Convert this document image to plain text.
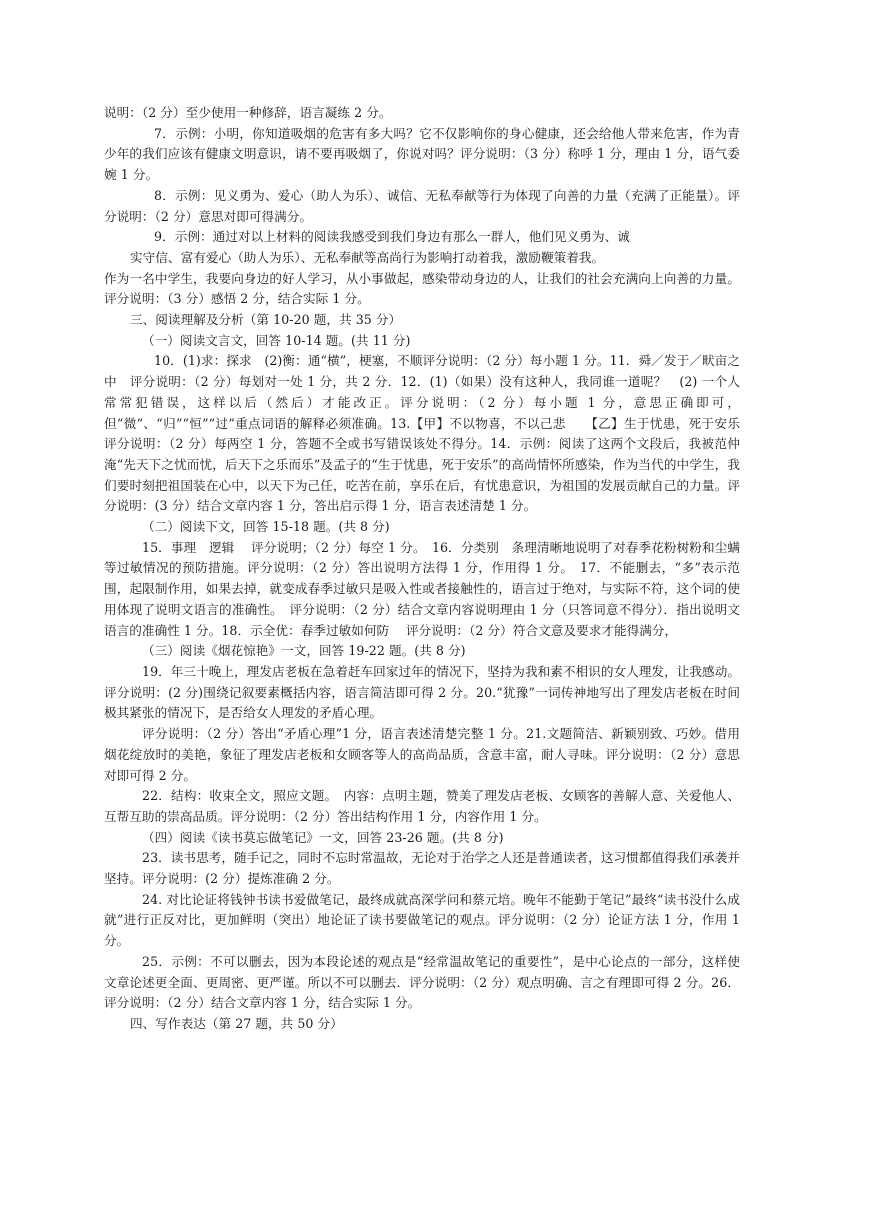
说明：（2 分）至少使用一种修辞，语言凝练 2 分。

7．示例：小明，你知道吸烟的危害有多大吗？它不仅影响你的身心健康，还会给他人带来危害，作为青少年的我们应该有健康文明意识，请不要再吸烟了，你说对吗？评分说明：（3 分）称呼 1 分，理由 1 分，语气委婉 1 分。

8．示例：见义勇为、爱心（助人为乐）、诚信、无私奉献等行为体现了向善的力量（充满了正能量）。评分说明：（2 分）意思对即可得满分。

9．示例：通过对以上材料的阅读我感受到我们身边有那么一群人，他们见义勇为、诚

实守信、富有爱心（助人为乐）、无私奉献等高尚行为影响打动着我，激励鞭策着我。

作为一名中学生，我要向身边的好人学习，从小事做起，感染带动身边的人，让我们的社会充满向上向善的力量。评分说明：（3 分）感悟 2 分，结合实际 1 分。

三、阅读理解及分析（第 10-20 题，共 35 分）

（一）阅读文言文，回答 10-14 题。(共 11 分)

10．(1)求：探求　(2)衡：通“横”，梗塞，不顺评分说明：（2 分）每小题 1 分。11．舜／发于／畎亩之中　评分说明：（2 分）每划对一处 1 分，共 2 分．12．(1)（如果）没有这种人，我同谁一道呢？　(2) 一个人常常犯错误，这样以后（然后）才能改正。评分说明：（2 分）每小题 1 分，意思正确即可，但“微”、“归”“恒”“过”重点词语的解释必须准确。13.【甲】不以物喜，不以己悲　　【乙】生于忧患，死于安乐　评分说明：（2 分）每两空 1 分，答题不全或书写错误该处不得分。14．示例：阅读了这两个文段后，我被范仲淹“先天下之忧而忧，后天下之乐而乐”及孟子的“生于忧患，死于安乐”的高尚情怀所感染，作为当代的中学生，我们要时刻把祖国装在心中，以天下为己任，吃苦在前，享乐在后，有忧患意识，为祖国的发展贡献自己的力量。评分说明：(3 分）结合文章内容 1 分，答出启示得 1 分，语言表述清楚 1 分。

（二）阅读下文，回答 15-18 题。(共 8 分)

15．事理　逻辑　 评分说明；（2 分）每空 1 分。　16．分类别　条理清晰地说明了对春季花粉树粉和尘螨等过敏情况的预防措施。评分说明：（2 分）答出说明方法得 1 分，作用得 1 分。　17．不能删去，“多”表示范围，起限制作用，如果去掉，就变成春季过敏只是吸入性或者接触性的，语言过于绝对，与实际不符，这个词的使用体现了说明文语言的准确性。　评分说明：（2 分）结合文章内容说明理由 1 分（只答词意不得分）．指出说明文语言的准确性 1 分。18．示全优：春季过敏如何防　 评分说明：（2 分）符合文意及要求才能得满分，

（三）阅读《烟花惊艳》一文，回答 19-22 题。(共 8 分)

19．年三十晚上，理发店老板在急着赶车回家过年的情况下，坚持为我和素不相识的女人理发，让我感动。 评分说明：(2 分)围绕记叙要素概括内容，语言简洁即可得 2 分。20.“犹豫”一词传神地写出了理发店老板在时间极其紧张的情况下，是否给女人理发的矛盾心理。

评分说明：（2 分）答出“矛盾心理”1 分，语言表述清楚完整 1 分。21.文题简洁、新颖别致、巧妙。借用烟花绽放时的美艳，象征了理发店老板和女顾客等人的高尚品质，含意丰富，耐人寻味。评分说明：（2 分）意思对即可得 2 分。

22．结构：收束全文，照应文题。　内容：点明主题，赞美了理发店老板、女顾客的善解人意、关爱他人、互帮互助的崇高品质。评分说明：（2 分）答出结构作用 1 分，内容作用 1 分。

（四）阅读《读书莫忘做笔记》一文，回答 23-26 题。(共 8 分)

23．读书思考，随手记之，同时不忘时常温故，无论对于治学之人还是普通读者，这习惯都值得我们承袭并坚持。评分说明：(2 分）提炼准确 2 分。

24. 对比论证将钱钟书读书爱做笔记，最终成就高深学问和蔡元培。晚年不能勤于笔记”最终“读书没什么成就”进行正反对比，更加鲜明（突出）地论证了读书要做笔记的观点。评分说明：（2 分）论证方法 1 分，作用 1 分。

25．示例：不可以删去，因为本段论述的观点是“经常温故笔记的重要性”，是中心论点的一部分，这样使文章论述更全面、更周密、更严谨。所以不可以删去．评分说明：（2 分）观点明确、言之有理即可得 2 分。26．评分说明：（2 分）结合文章内容 1 分，结合实际 1 分。

四、写作表达（第 27 题，共 50 分）
